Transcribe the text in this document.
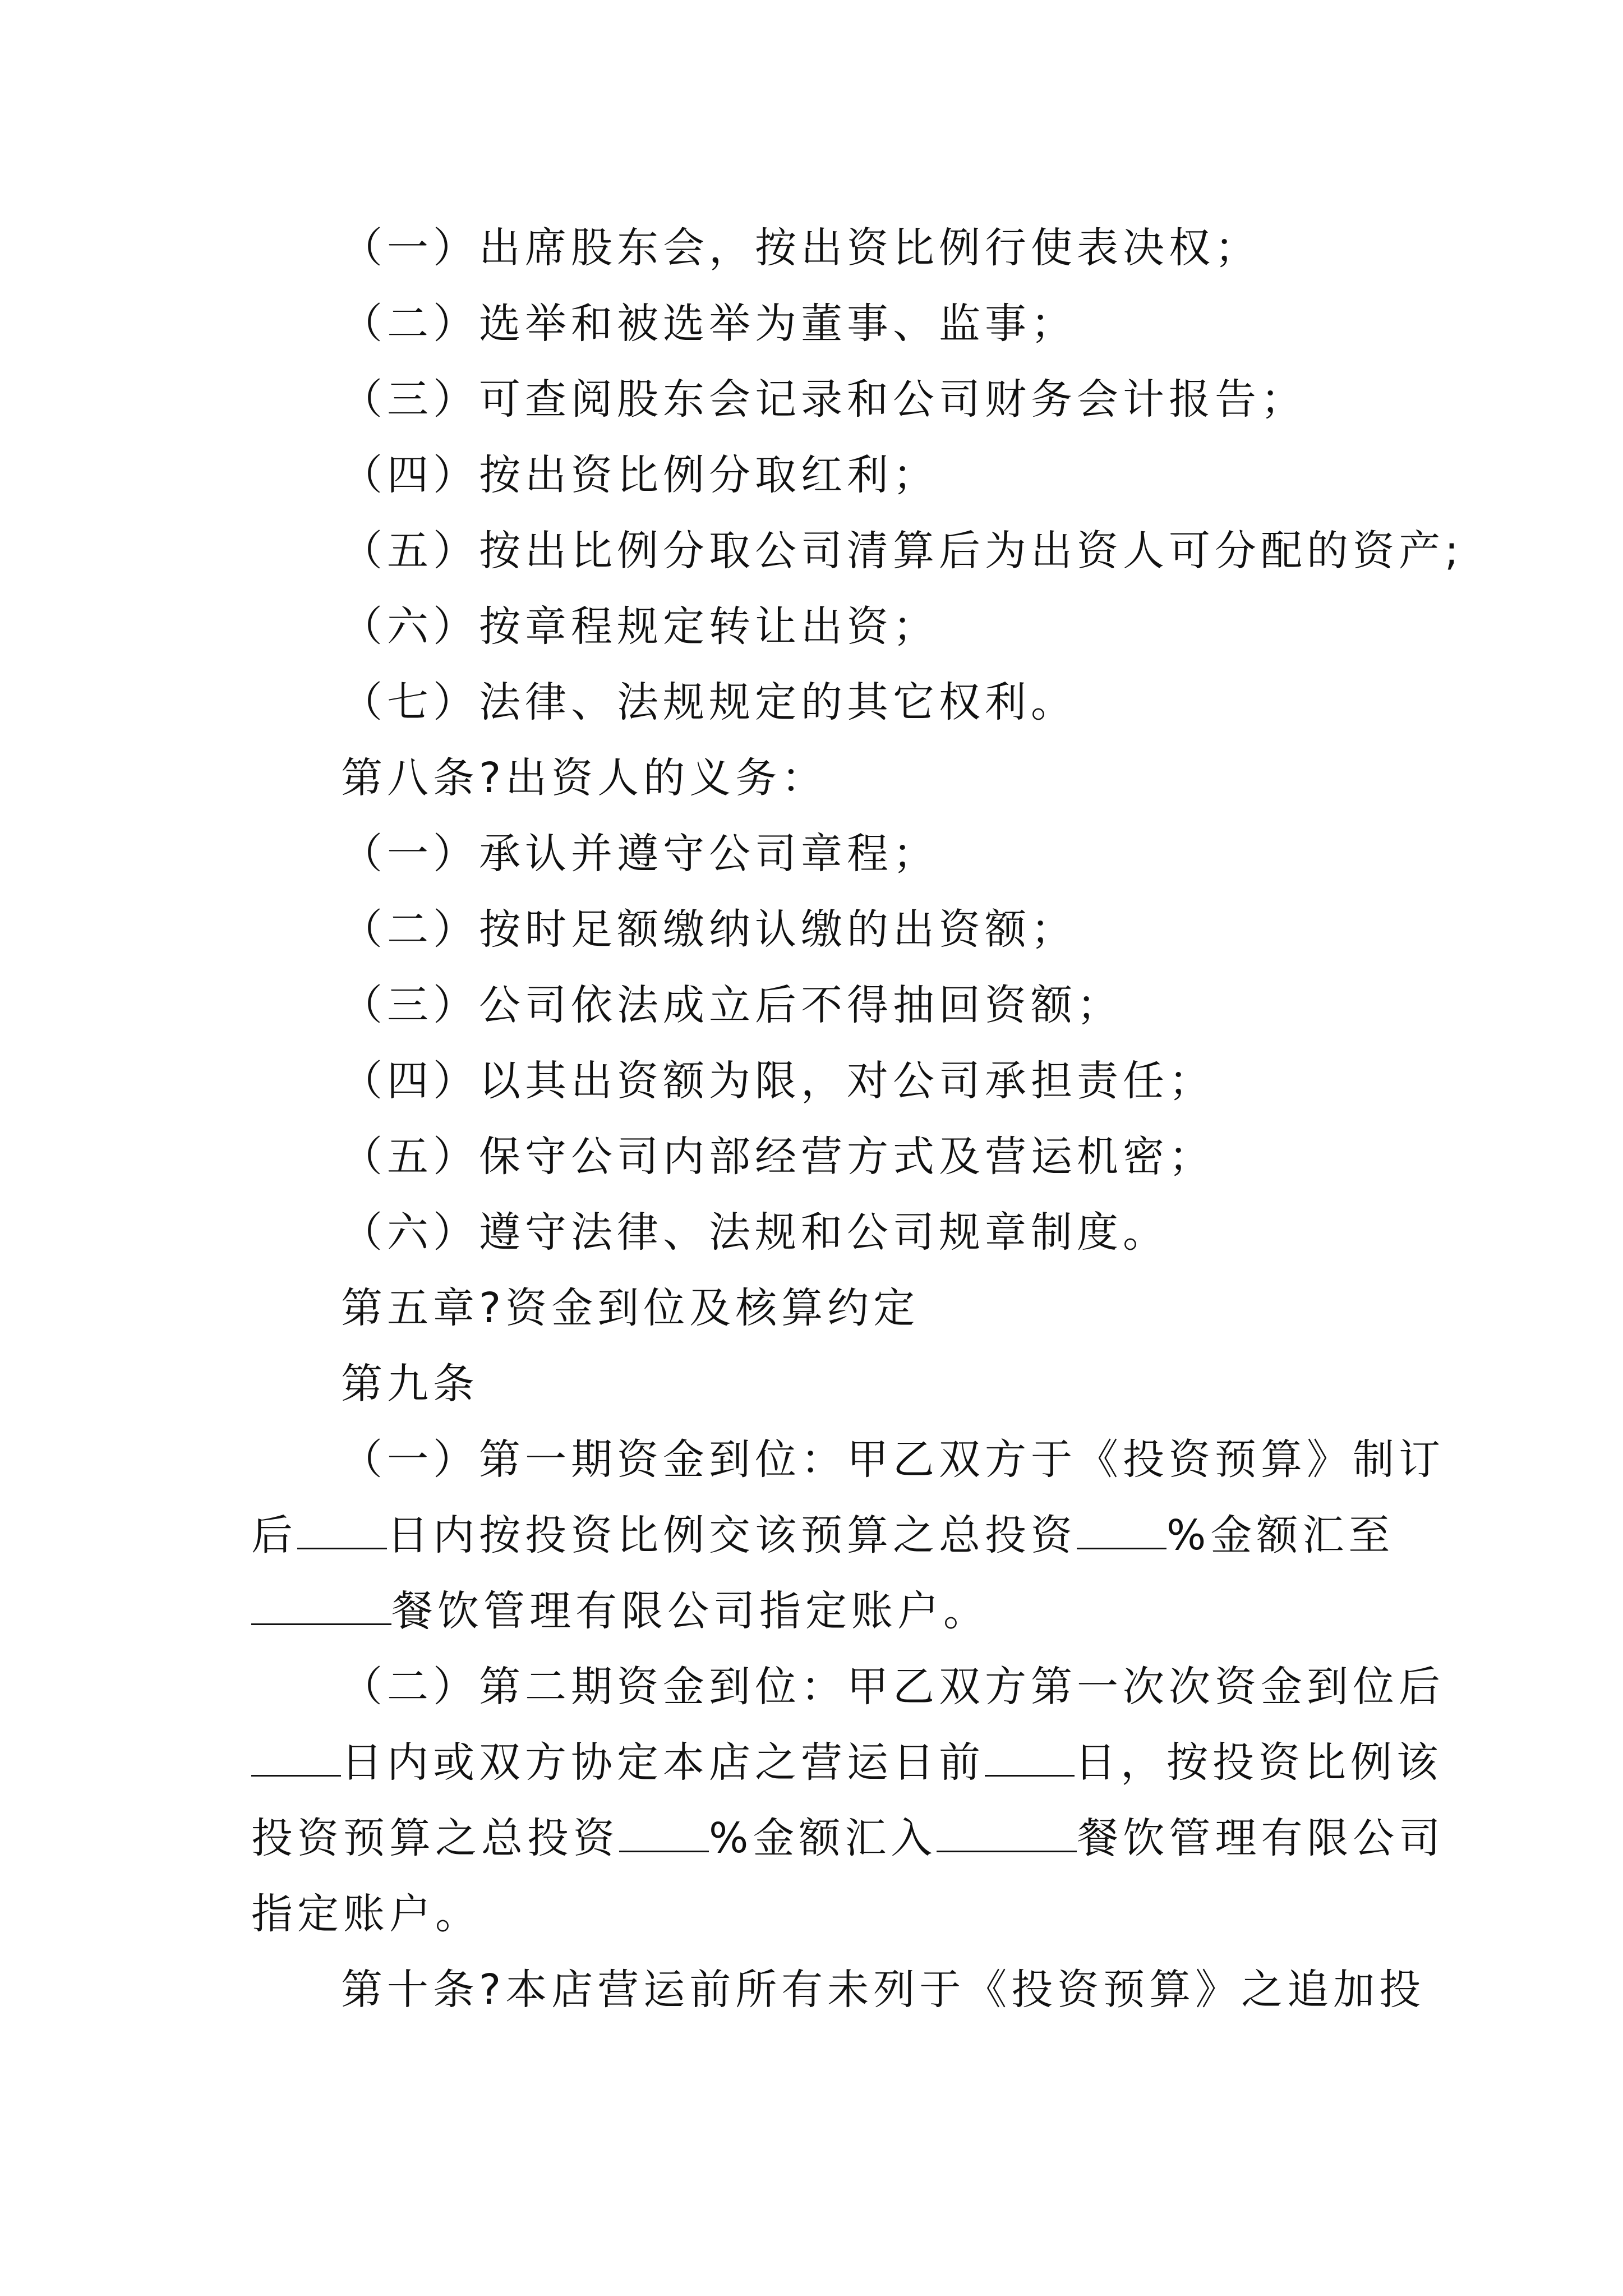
（一）出席股东会，按出资比例行使表决权；

（二）选举和被选举为董事、监事；

（三）可查阅股东会记录和公司财务会计报告；

（四）按出资比例分取红利；

（五）按出比例分取公司清算后为出资人可分配的资产;

（六）按章程规定转让出资；

（七）法律、法规规定的其它权利。

第八条?出资人的义务：

（一）承认并遵守公司章程；

（二）按时足额缴纳认缴的出资额；

（三）公司依法成立后不得抽回资额；

（四）以其出资额为限，对公司承担责任；

（五）保守公司内部经营方式及营运机密；

（六）遵守法律、法规和公司规章制度。

第五章?资金到位及核算约定

第九条

（一）第一期资金到位：甲乙双方于《投资预算》制订

后 日内按投资比例交该预算之总投资 %金额汇至

餐饮管理有限公司指定账户。

（二）第二期资金到位：甲乙双方第一次次资金到位后

日内或双方协定本店之营运日前 日，按投资比例该

投资预算之总投资 %金额汇入	餐饮管理有限公司

指定账户。

第十条?本店营运前所有未列于《投资预算》之追加投
